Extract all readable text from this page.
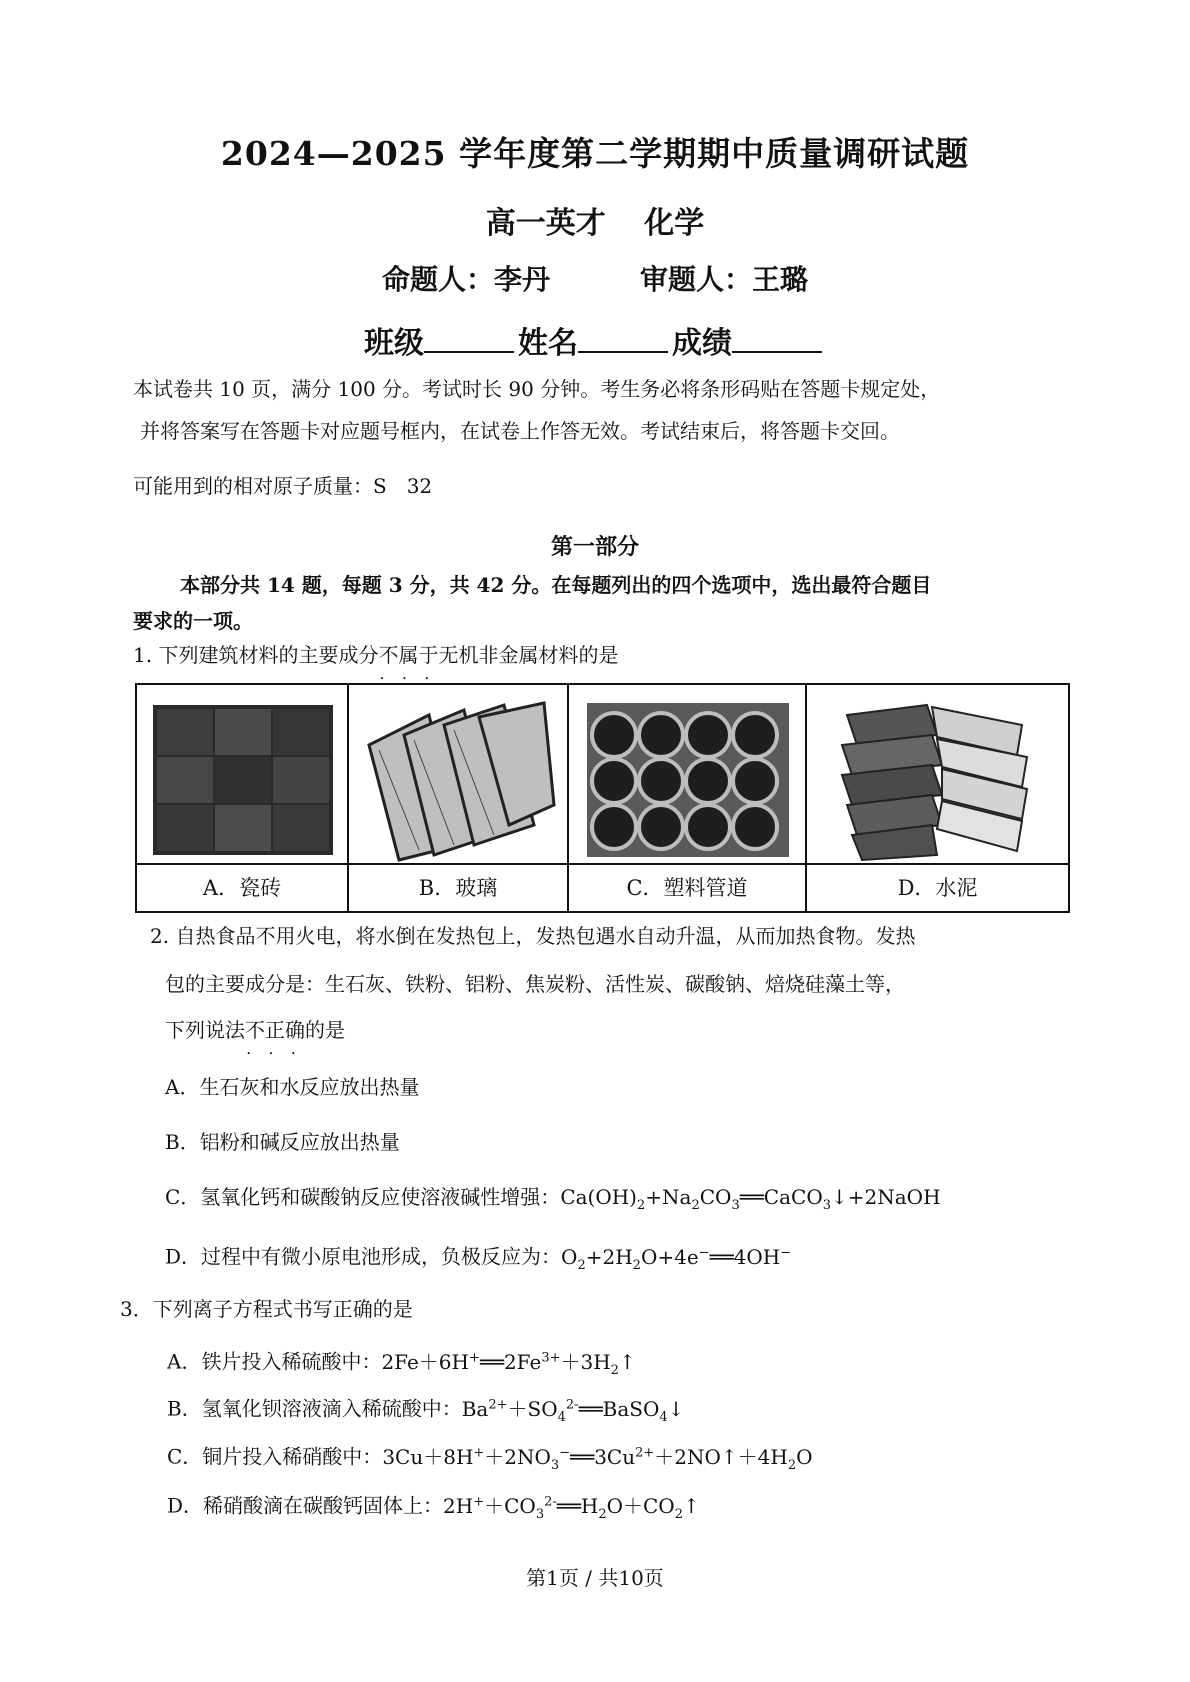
2024—2025 学年度第二学期期中质量调研试题
高一英才 化学
命题人：李丹	审题人：王璐
班级	姓名	成绩
本试卷共 10 页，满分 100 分。考试时长 90 分钟。考生务必将条形码贴在答题卡规定处，
并将答案写在答题卡对应题号框内，在试卷上作答无效。考试结束后，将答题卡交回。
可能用到的相对原子质量：S　32
第一部分
本部分共 14 题，每题 3 分，共 42 分。在每题列出的四个选项中，选出最符合题目
要求的一项。
1. 下列建筑材料的主要成分不属于 • • •无机非金属材料的是
A．瓷砖	B．玻璃	C．塑料管道	D．水泥
2. 自热食品不用火电，将水倒在发热包上，发热包遇水自动升温，从而加热食物。发热
包的主要成分是：生石灰、铁粉、铝粉、焦炭粉、活性炭、碳酸钠、焙烧硅藻土等，
下列说法不正确 • • •的是
A．生石灰和水反应放出热量
B．铝粉和碱反应放出热量
C．氢氧化钙和碳酸钠反应使溶液碱性增强：$Ca(OH)_2+Na_2CO_3══CaCO_3↓+2NaOH$
D．过程中有微小原电池形成，负极反应为：$O_2+2H_2O+4e^-══4OH^-$
3．下列离子方程式书写正确的是
A．铁片投入稀硫酸中：$2Fe+6H^+══2Fe^{3+}+3H_2↑$
B．氢氧化钡溶液滴入稀硫酸中：$Ba^{2+}+SO_4^{2-}══BaSO_4↓$
C．铜片投入稀硝酸中：$3Cu+8H^++2NO_3^-══3Cu^{2+}+2NO↑+4H_2O$
D．稀硝酸滴在碳酸钙固体上：$2H^++CO_3^{2-}══H_2O+CO_2↑$
第1页 / 共10页
